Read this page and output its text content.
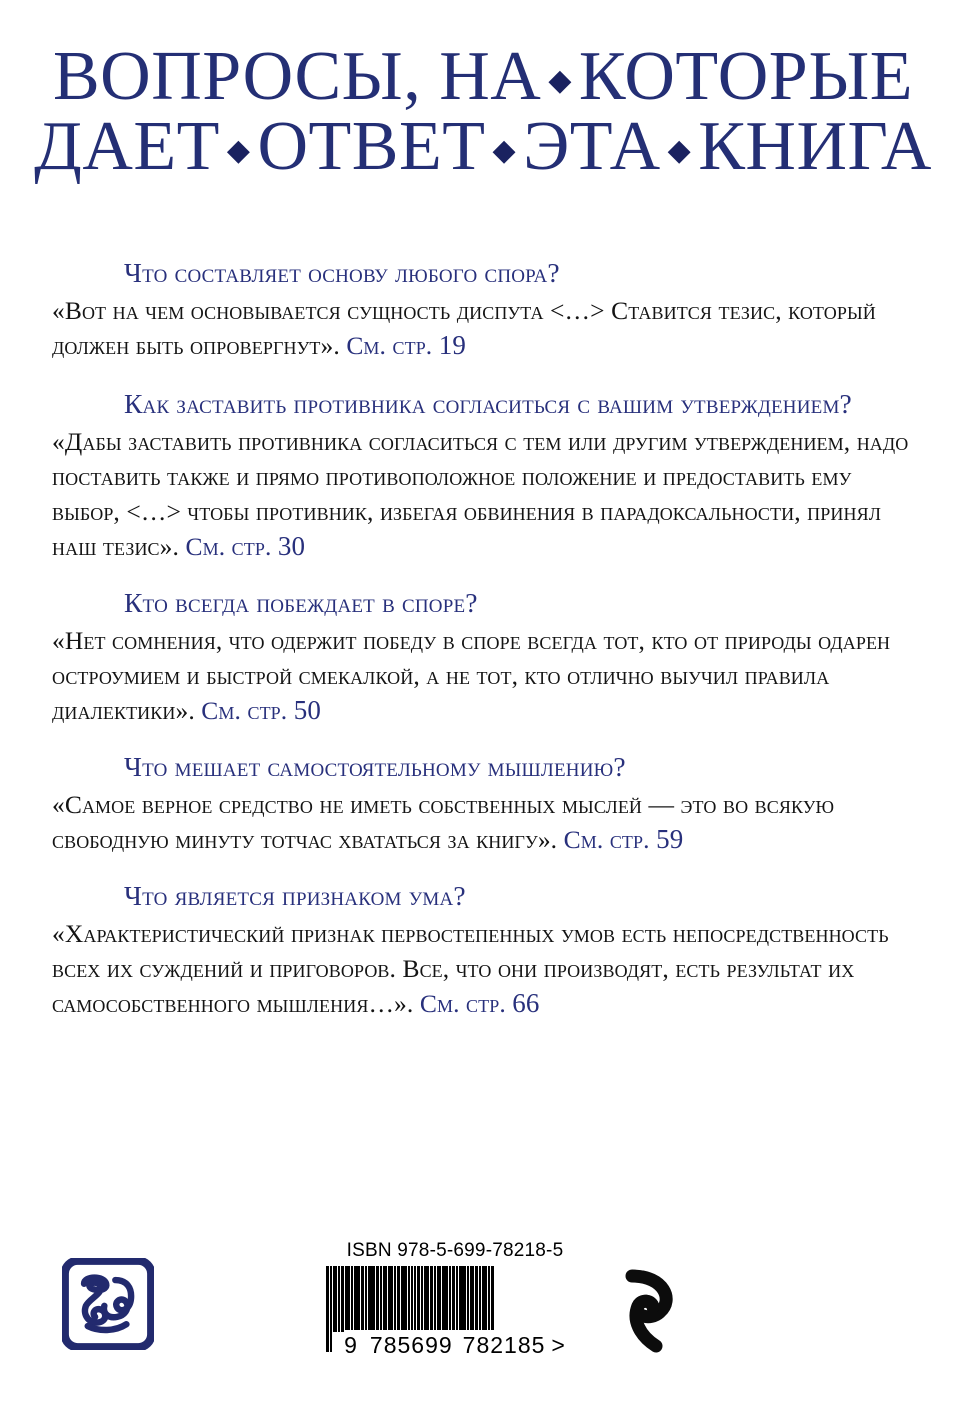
ВОПРОСЫ, НА ◆ КОТОРЫЕ
ДАЕТ ◆ ОТВЕТ ◆ ЭТА ◆ КНИГА

Что составляет основу любого спора?

«Вот на чем основывается сущность диспута <…> Ставится тезис, который должен быть опровергнут». См. стр. 19

Как заставить противника согласиться с вашим утверждением?

«Дабы заставить противника согласиться с тем или другим утверждением, надо поставить также и прямо противоположное положение и предоставить ему выбор, <…> чтобы противник, избегая обвинения в парадоксальности, принял наш тезис». См. стр. 30

Кто всегда побеждает в споре?

«Нет сомнения, что одержит победу в споре всегда тот, кто от природы одарен остроумием и быстрой смекалкой, а не тот, кто отлично выучил правила диалектики». См. стр. 50

Что мешает самостоятельному мышлению?

«Самое верное средство не иметь собственных мыслей — это во всякую свободную минуту тотчас хвататься за книгу». См. стр. 59

Что является признаком ума?

«Характеристический признак первостепенных умов есть непосредственность всех их суждений и приговоров. Все, что они производят, есть результат их самособственного мышления…». См. стр. 66

ISBN 978-5-699-78218-5
9 785699 782185 >
